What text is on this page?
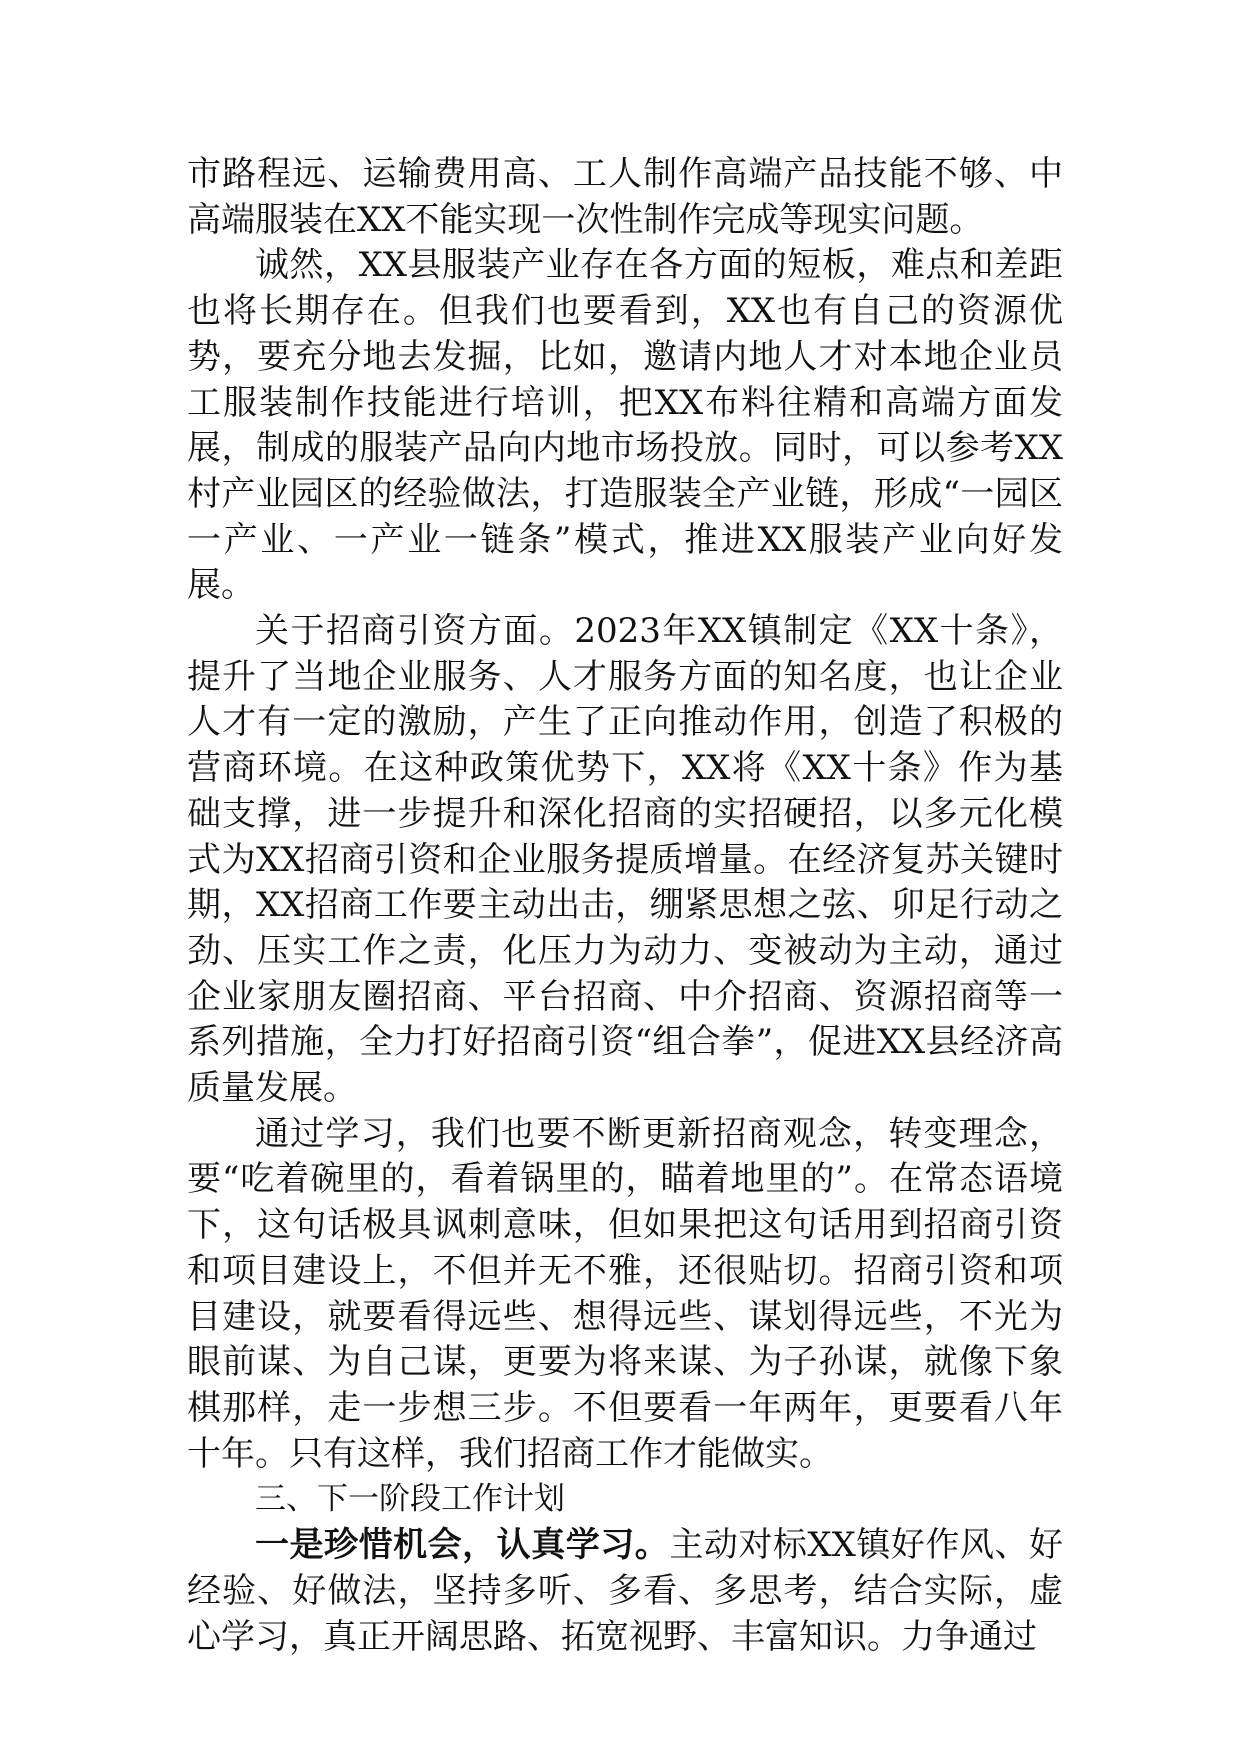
市路程远、运输费用高、工人制作高端产品技能不够、中高端服装在XX不能实现一次性制作完成等现实问题。

诚然，XX县服装产业存在各方面的短板，难点和差距也将长期存在。但我们也要看到，XX也有自己的资源优势，要充分地去发掘，比如，邀请内地人才对本地企业员工服装制作技能进行培训，把XX布料往精和高端方面发展，制成的服装产品向内地市场投放。同时，可以参考XX村产业园区的经验做法，打造服装全产业链，形成“一园区一产业、一产业一链条”模式，推进XX服装产业向好发展。

关于招商引资方面。2023年XX镇制定《XX十条》，提升了当地企业服务、人才服务方面的知名度，也让企业人才有一定的激励，产生了正向推动作用，创造了积极的营商环境。在这种政策优势下，XX将《XX十条》作为基础支撑，进一步提升和深化招商的实招硬招，以多元化模式为XX招商引资和企业服务提质增量。在经济复苏关键时期，XX招商工作要主动出击，绷紧思想之弦、卯足行动之劲、压实工作之责，化压力为动力、变被动为主动，通过企业家朋友圈招商、平台招商、中介招商、资源招商等一系列措施，全力打好招商引资“组合拳”，促进XX县经济高质量发展。

通过学习，我们也要不断更新招商观念，转变理念，要“吃着碗里的，看着锅里的，瞄着地里的”。在常态语境下，这句话极具讽刺意味，但如果把这句话用到招商引资和项目建设上，不但并无不雅，还很贴切。招商引资和项目建设，就要看得远些、想得远些、谋划得远些，不光为眼前谋、为自己谋，更要为将来谋、为子孙谋，就像下象棋那样，走一步想三步。不但要看一年两年，更要看八年十年。只有这样，我们招商工作才能做实。

三、下一阶段工作计划

一是珍惜机会，认真学习。主动对标XX镇好作风、好经验、好做法，坚持多听、多看、多思考，结合实际，虚心学习，真正开阔思路、拓宽视野、丰富知识。力争通过
